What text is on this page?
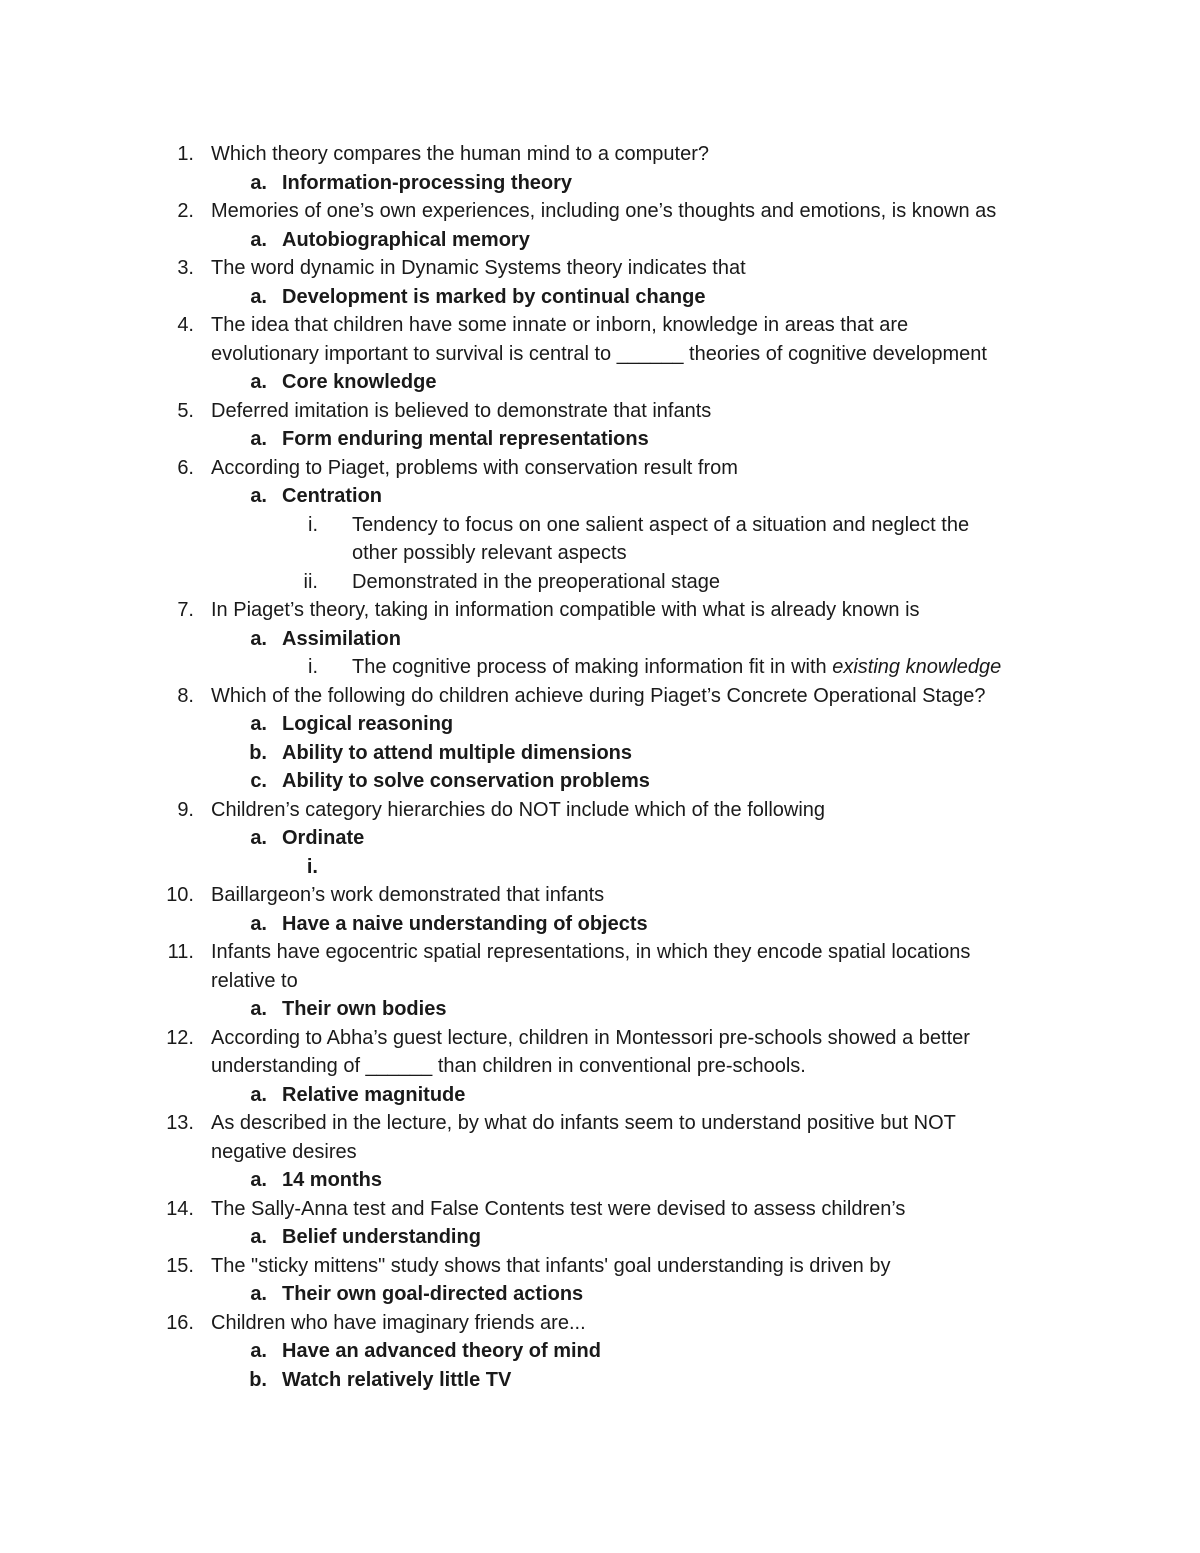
1. Which theory compares the human mind to a computer?
a. Information-processing theory
2. Memories of one’s own experiences, including one’s thoughts and emotions, is known as
a. Autobiographical memory
3. The word dynamic in Dynamic Systems theory indicates that
a. Development is marked by continual change
4. The idea that children have some innate or inborn, knowledge in areas that are
evolutionary important to survival is central to ______ theories of cognitive development
a. Core knowledge
5. Deferred imitation is believed to demonstrate that infants
a. Form enduring mental representations
6. According to Piaget, problems with conservation result from
a. Centration
i. Tendency to focus on one salient aspect of a situation and neglect the
other possibly relevant aspects
ii. Demonstrated in the preoperational stage
7. In Piaget’s theory, taking in information compatible with what is already known is
a. Assimilation
i. The cognitive process of making information fit in with existing knowledge
8. Which of the following do children achieve during Piaget’s Concrete Operational Stage?
a. Logical reasoning
b. Ability to attend multiple dimensions
c. Ability to solve conservation problems
9. Children’s category hierarchies do NOT include which of the following
a. Ordinate
i.
10. Baillargeon’s work demonstrated that infants
a. Have a naive understanding of objects
11. Infants have egocentric spatial representations, in which they encode spatial locations
relative to
a. Their own bodies
12. According to Abha’s guest lecture, children in Montessori pre-schools showed a better
understanding of ______ than children in conventional pre-schools.
a. Relative magnitude
13. As described in the lecture, by what do infants seem to understand positive but NOT
negative desires
a. 14 months
14. The Sally-Anna test and False Contents test were devised to assess children’s
a. Belief understanding
15. The "sticky mittens" study shows that infants' goal understanding is driven by
a. Their own goal-directed actions
16. Children who have imaginary friends are...
a. Have an advanced theory of mind
b. Watch relatively little TV
